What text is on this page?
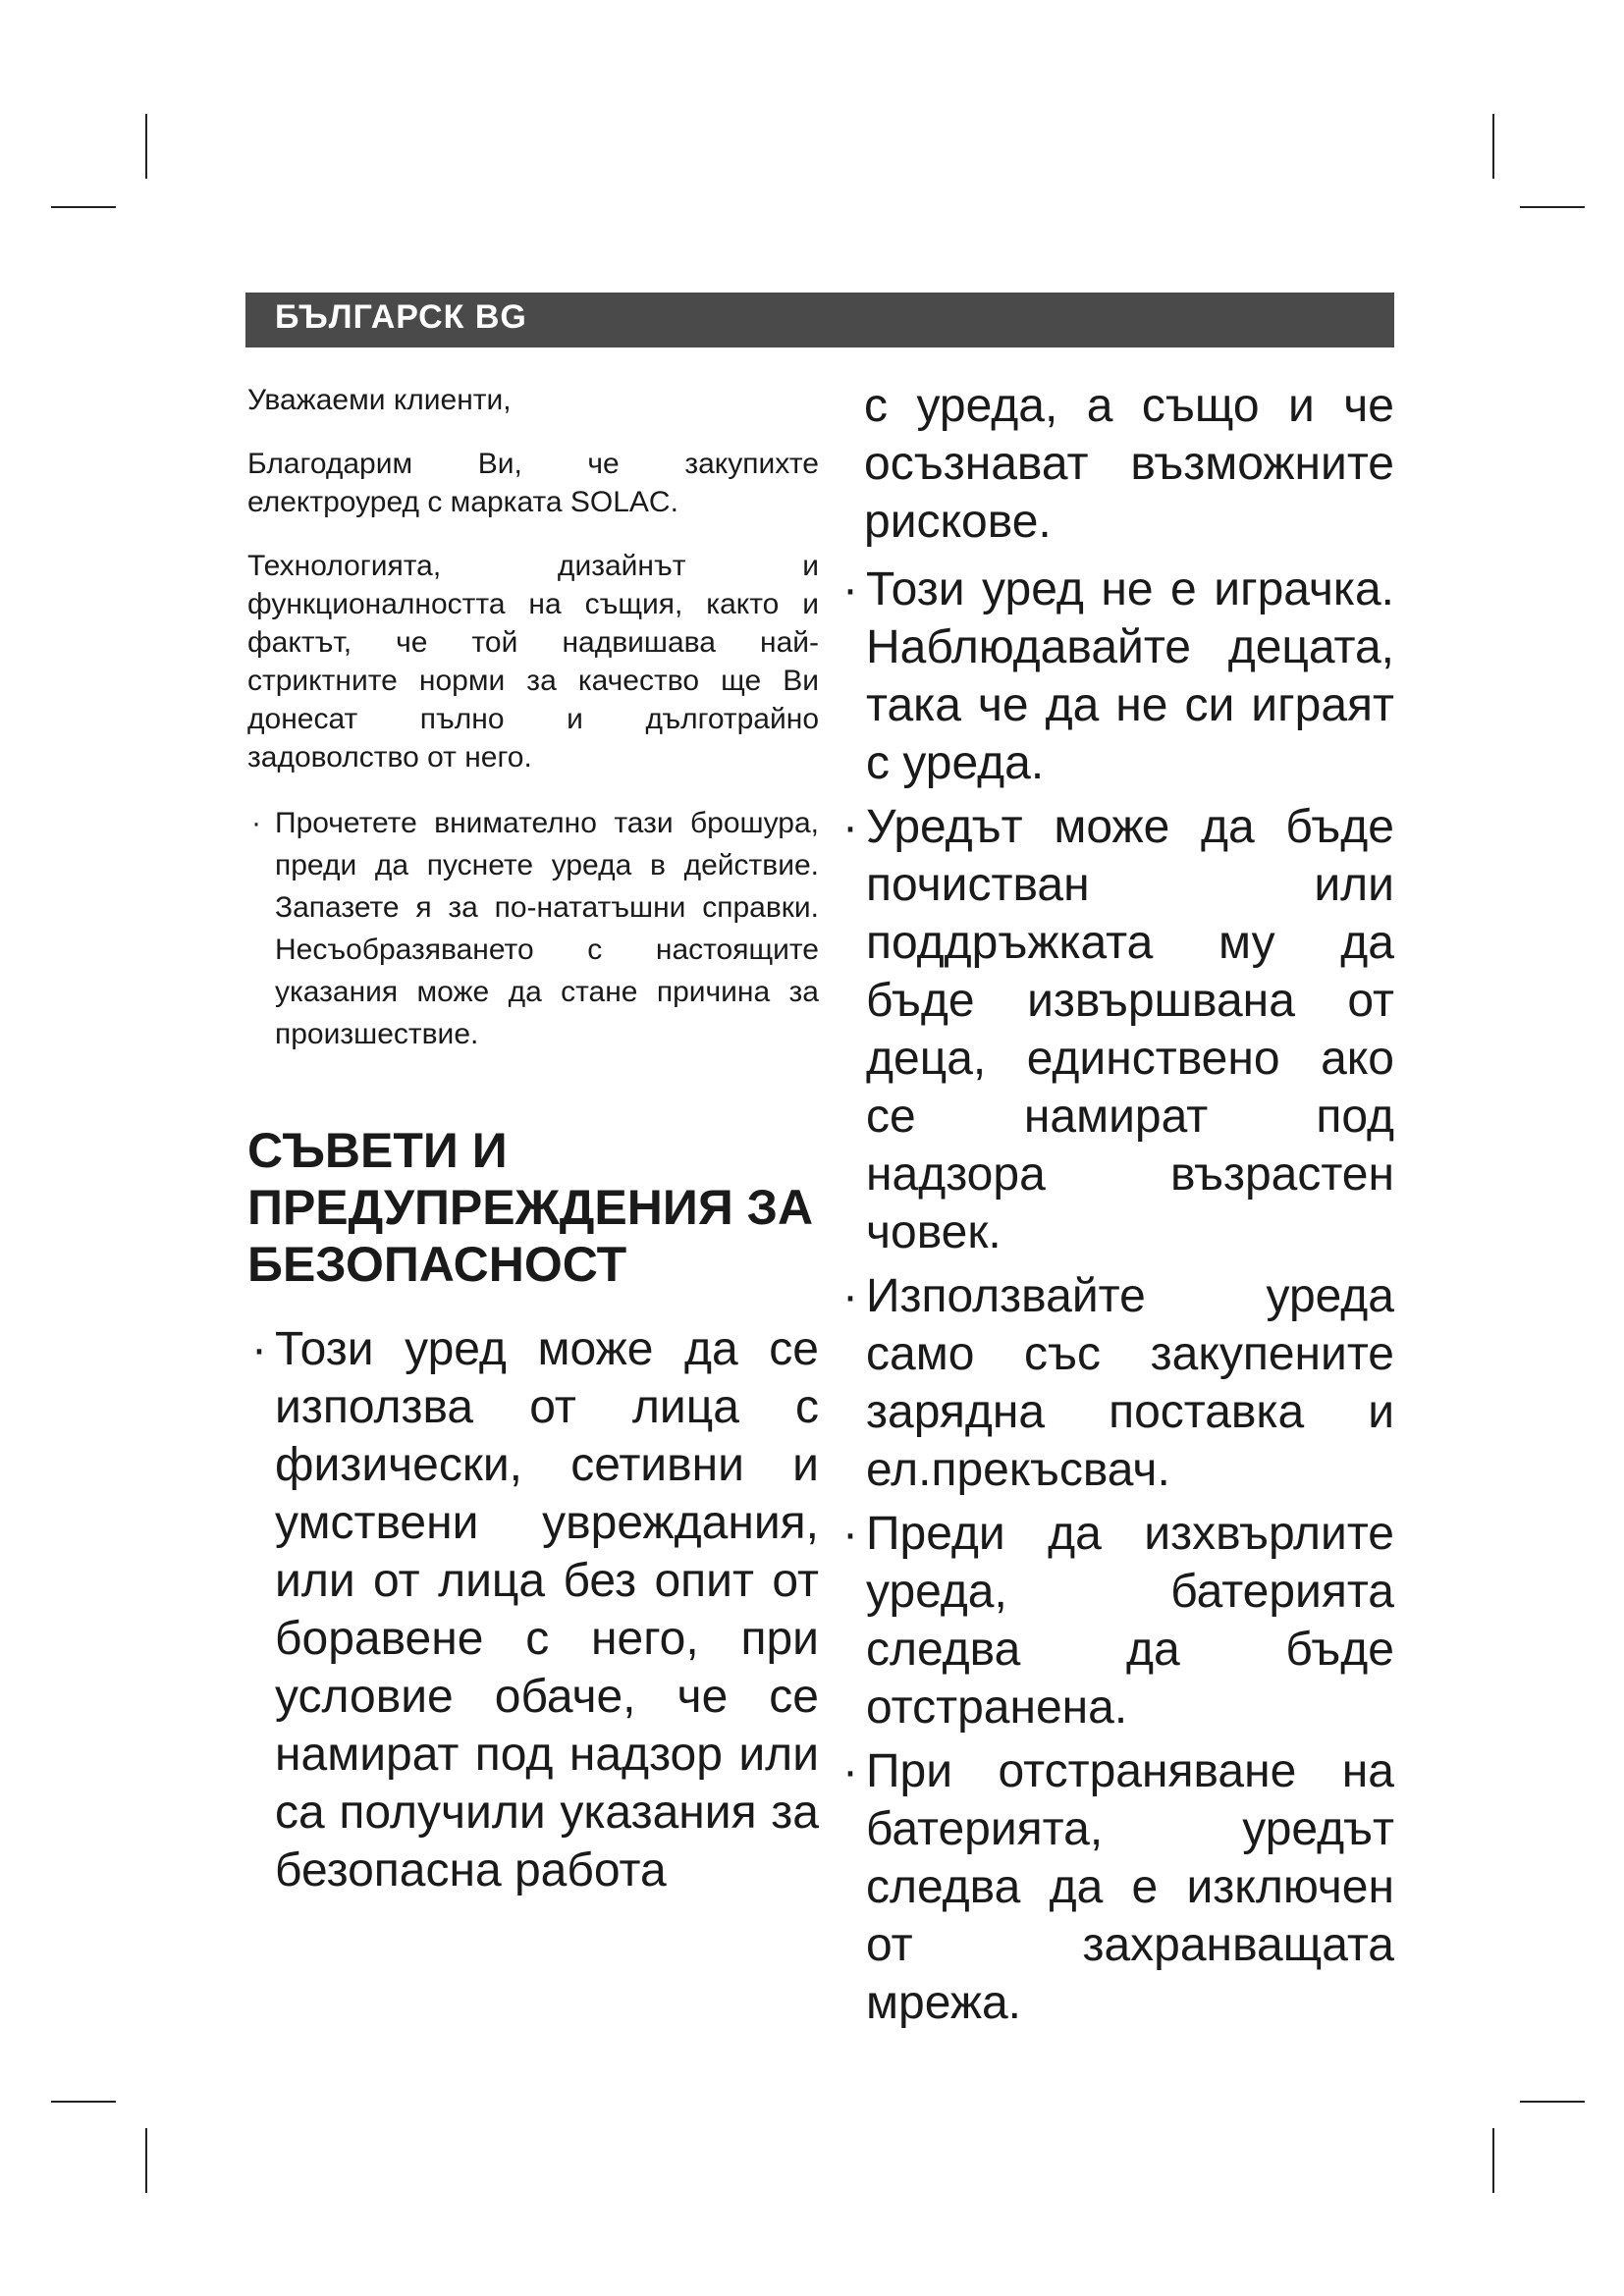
БЪЛГАРСК BG

Уважаеми клиенти,

Благодарим Ви, че закупихте електроуред с марката SOLAC.

Технологията, дизайнът и функционалността на същия, както и фактът, че той надвишава най-стриктните норми за качество ще Ви донесат пълно и дълготрайно задоволство от него.

· Прочетете внимателно тази брошура, преди да пуснете уреда в действие. Запазете я за по-нататъшни справки. Несъобразяването с настоящите указания може да стане причина за произшествие.
СЪВЕТИ И ПРЕДУПРЕЖДЕНИЯ ЗА БЕЗОПАСНОСТ
· Този уред може да се използва от лица с физически, сетивни и умствени увреждания, или от лица без опит от боравене с него, при условие обаче, че се намират под надзор или са получили указания за безопасна работа

с уреда, а също и че осъзнават възможните рискове.

· Този уред не е играчка. Наблюдавайте децата, така че да не си играят с уреда.
· Уредът може да бъде почистван или поддръжката му да бъде извършвана от деца, единствено ако се намират под надзора възрастен човек.
· Използвайте уреда само със закупените зарядна поставка и ел.прекъсвач.
· Преди да изхвърлите уреда, батерията следва да бъде отстранена.
· При отстраняване на батерията, уредът следва да е изключен от захранващата мрежа.
